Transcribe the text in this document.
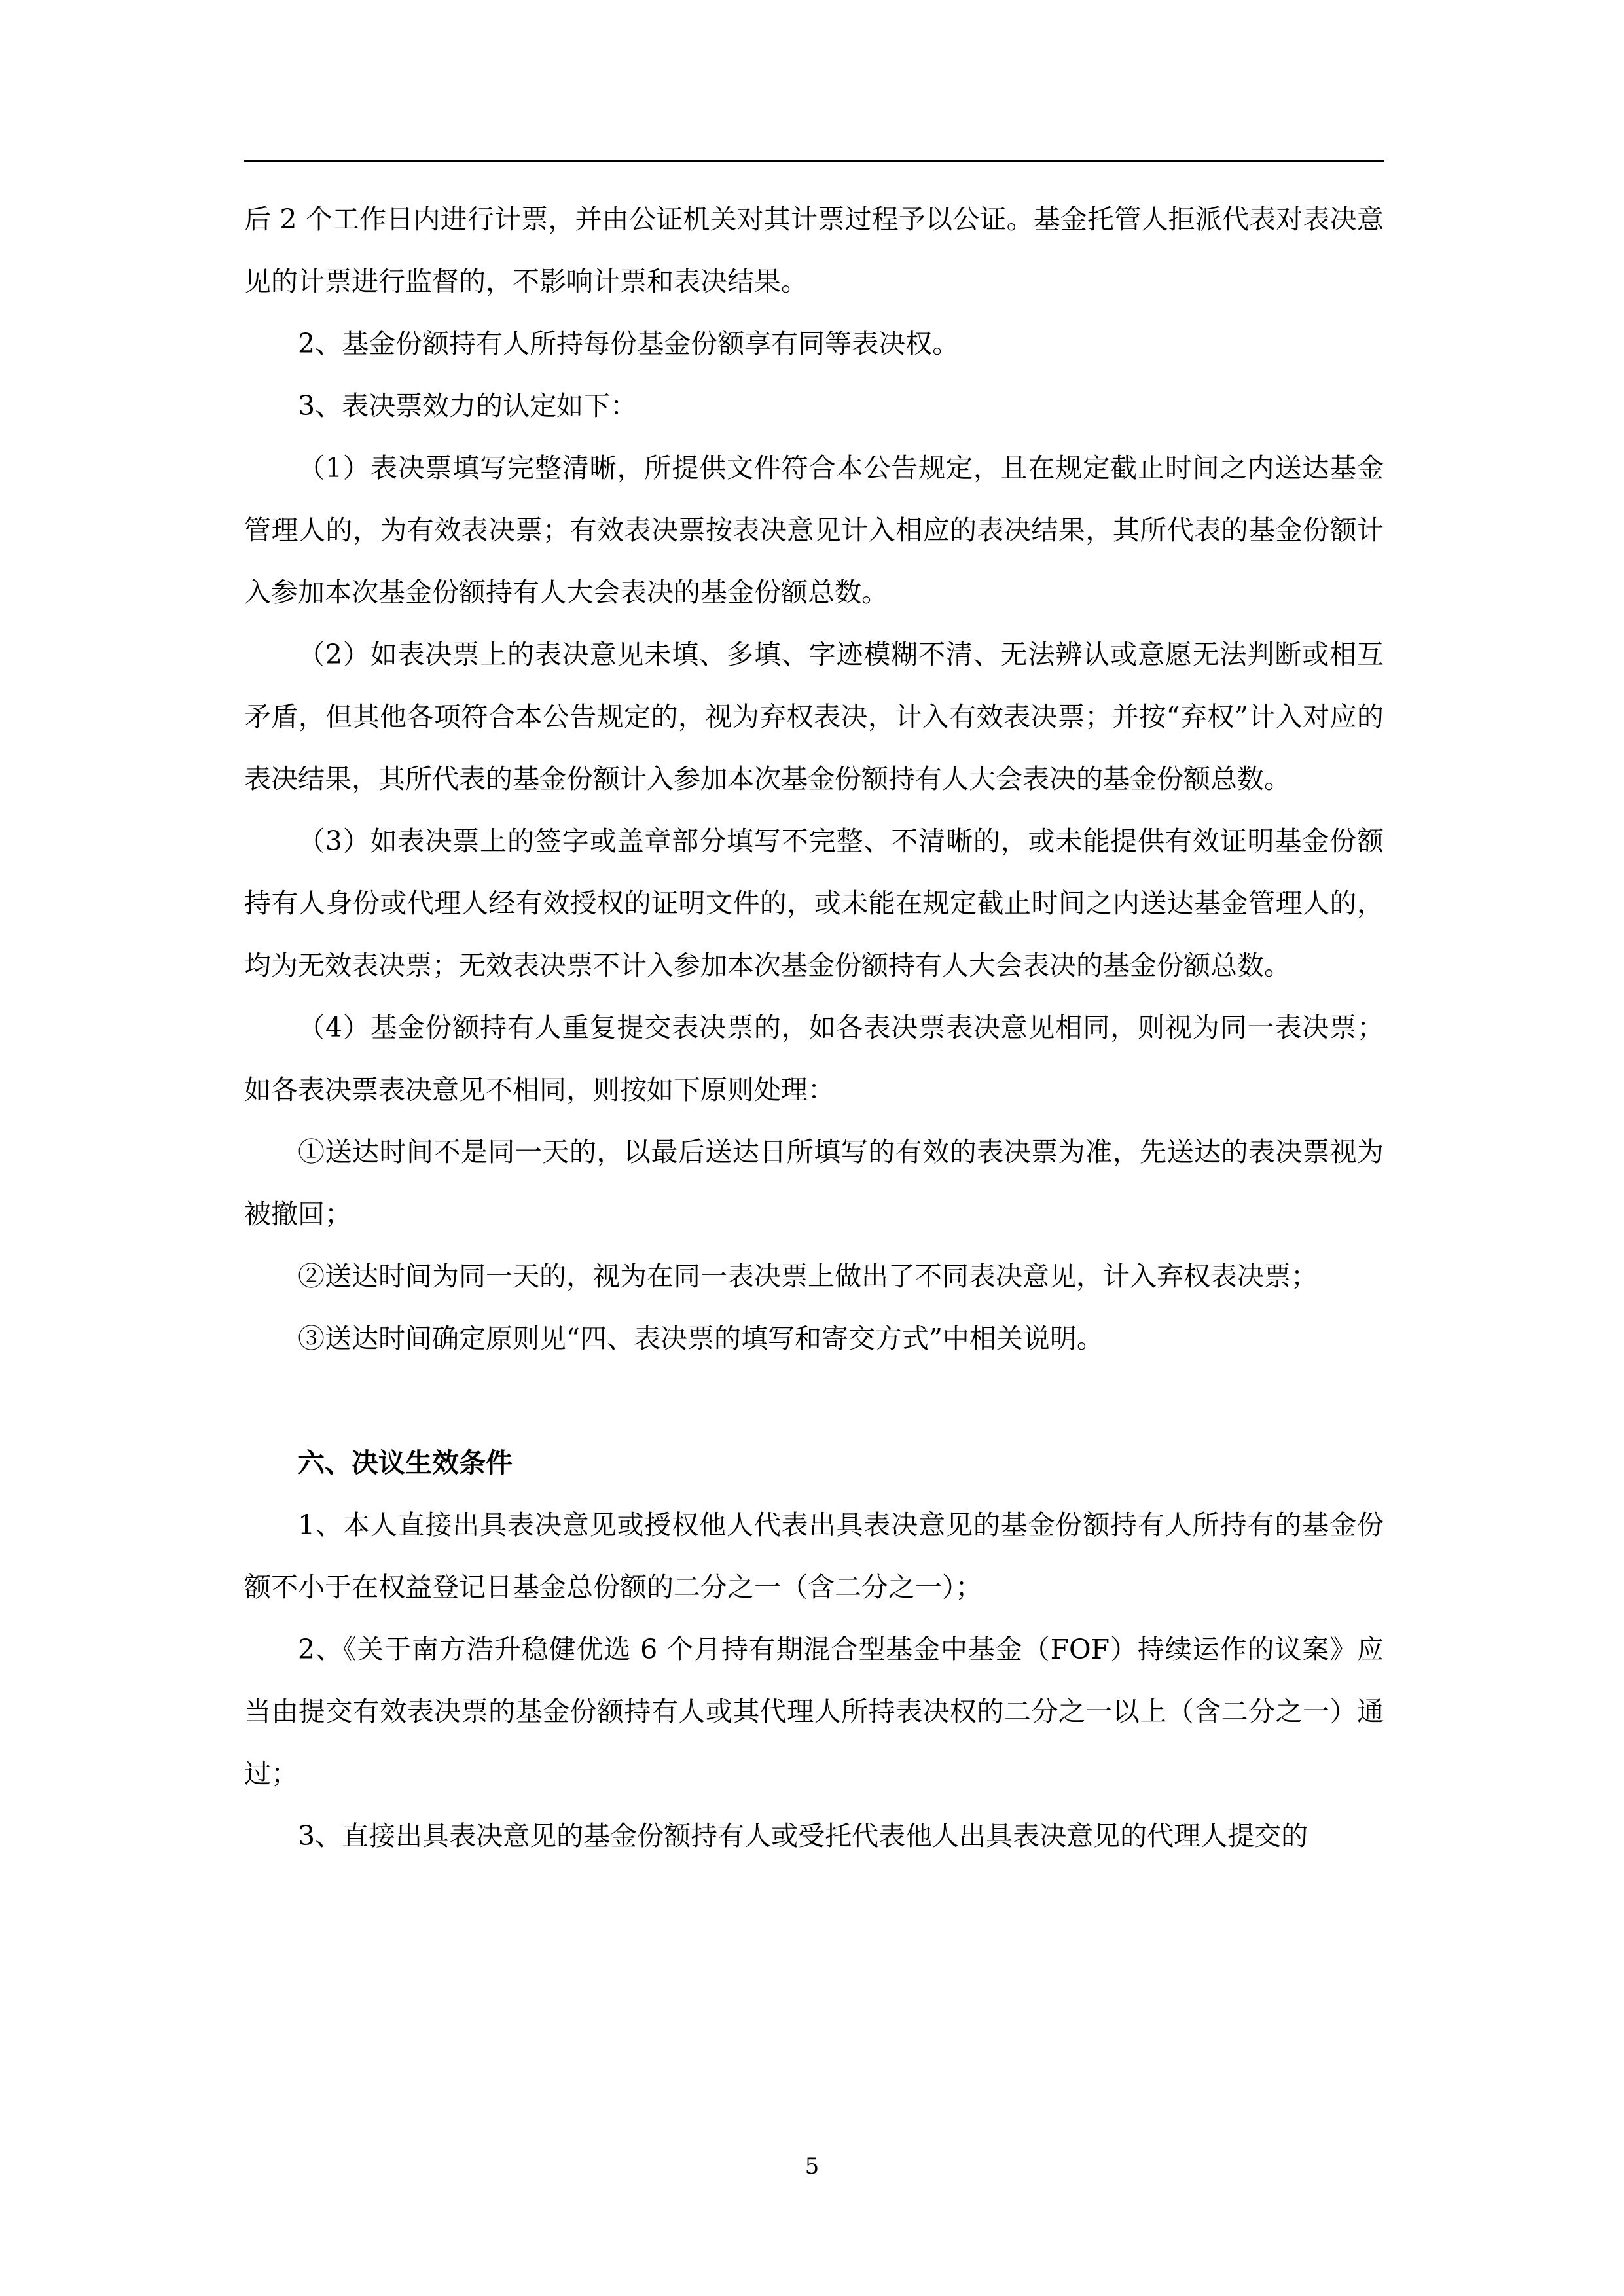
后 2 个工作日内进行计票，并由公证机关对其计票过程予以公证。基金托管人拒派代表对表决意见的计票进行监督的，不影响计票和表决结果。

2、基金份额持有人所持每份基金份额享有同等表决权。

3、表决票效力的认定如下：

（1）表决票填写完整清晰，所提供文件符合本公告规定，且在规定截止时间之内送达基金管理人的，为有效表决票；有效表决票按表决意见计入相应的表决结果，其所代表的基金份额计入参加本次基金份额持有人大会表决的基金份额总数。

（2）如表决票上的表决意见未填、多填、字迹模糊不清、无法辨认或意愿无法判断或相互矛盾，但其他各项符合本公告规定的，视为弃权表决，计入有效表决票；并按“弃权”计入对应的表决结果，其所代表的基金份额计入参加本次基金份额持有人大会表决的基金份额总数。

（3）如表决票上的签字或盖章部分填写不完整、不清晰的，或未能提供有效证明基金份额持有人身份或代理人经有效授权的证明文件的，或未能在规定截止时间之内送达基金管理人的，均为无效表决票；无效表决票不计入参加本次基金份额持有人大会表决的基金份额总数。

（4）基金份额持有人重复提交表决票的，如各表决票表决意见相同，则视为同一表决票；如各表决票表决意见不相同，则按如下原则处理：

①送达时间不是同一天的，以最后送达日所填写的有效的表决票为准，先送达的表决票视为被撤回；

②送达时间为同一天的，视为在同一表决票上做出了不同表决意见，计入弃权表决票；

③送达时间确定原则见“四、表决票的填写和寄交方式”中相关说明。

六、决议生效条件

1、本人直接出具表决意见或授权他人代表出具表决意见的基金份额持有人所持有的基金份额不小于在权益登记日基金总份额的二分之一（含二分之一）；

2、《关于南方浩升稳健优选 6 个月持有期混合型基金中基金（FOF）持续运作的议案》应当由提交有效表决票的基金份额持有人或其代理人所持表决权的二分之一以上（含二分之一）通过；

3、直接出具表决意见的基金份额持有人或受托代表他人出具表决意见的代理人提交的

5
